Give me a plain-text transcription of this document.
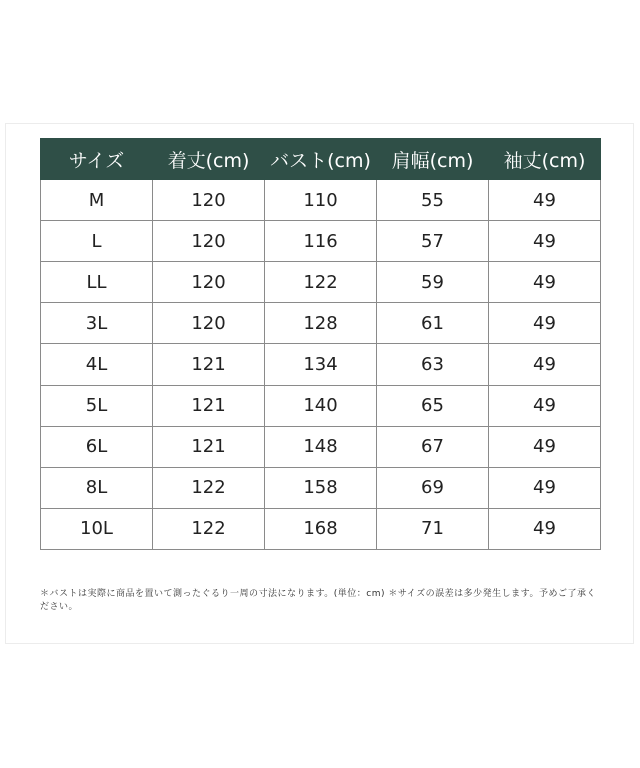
サイズ	着丈(cm)	バスト(cm)	肩幅(cm)	袖丈(cm)
M	120	110	55	49
L	120	116	57	49
LL	120	122	59	49
3L	120	128	61	49
4L	121	134	63	49
5L	121	140	65	49
6L	121	148	67	49
8L	122	158	69	49
10L	122	168	71	49
＊バストは実際に商品を置いて測ったぐるり一周の寸法になります。(単位：cm) ＊サイズの誤差は多少発生します。予めご了承ください。
